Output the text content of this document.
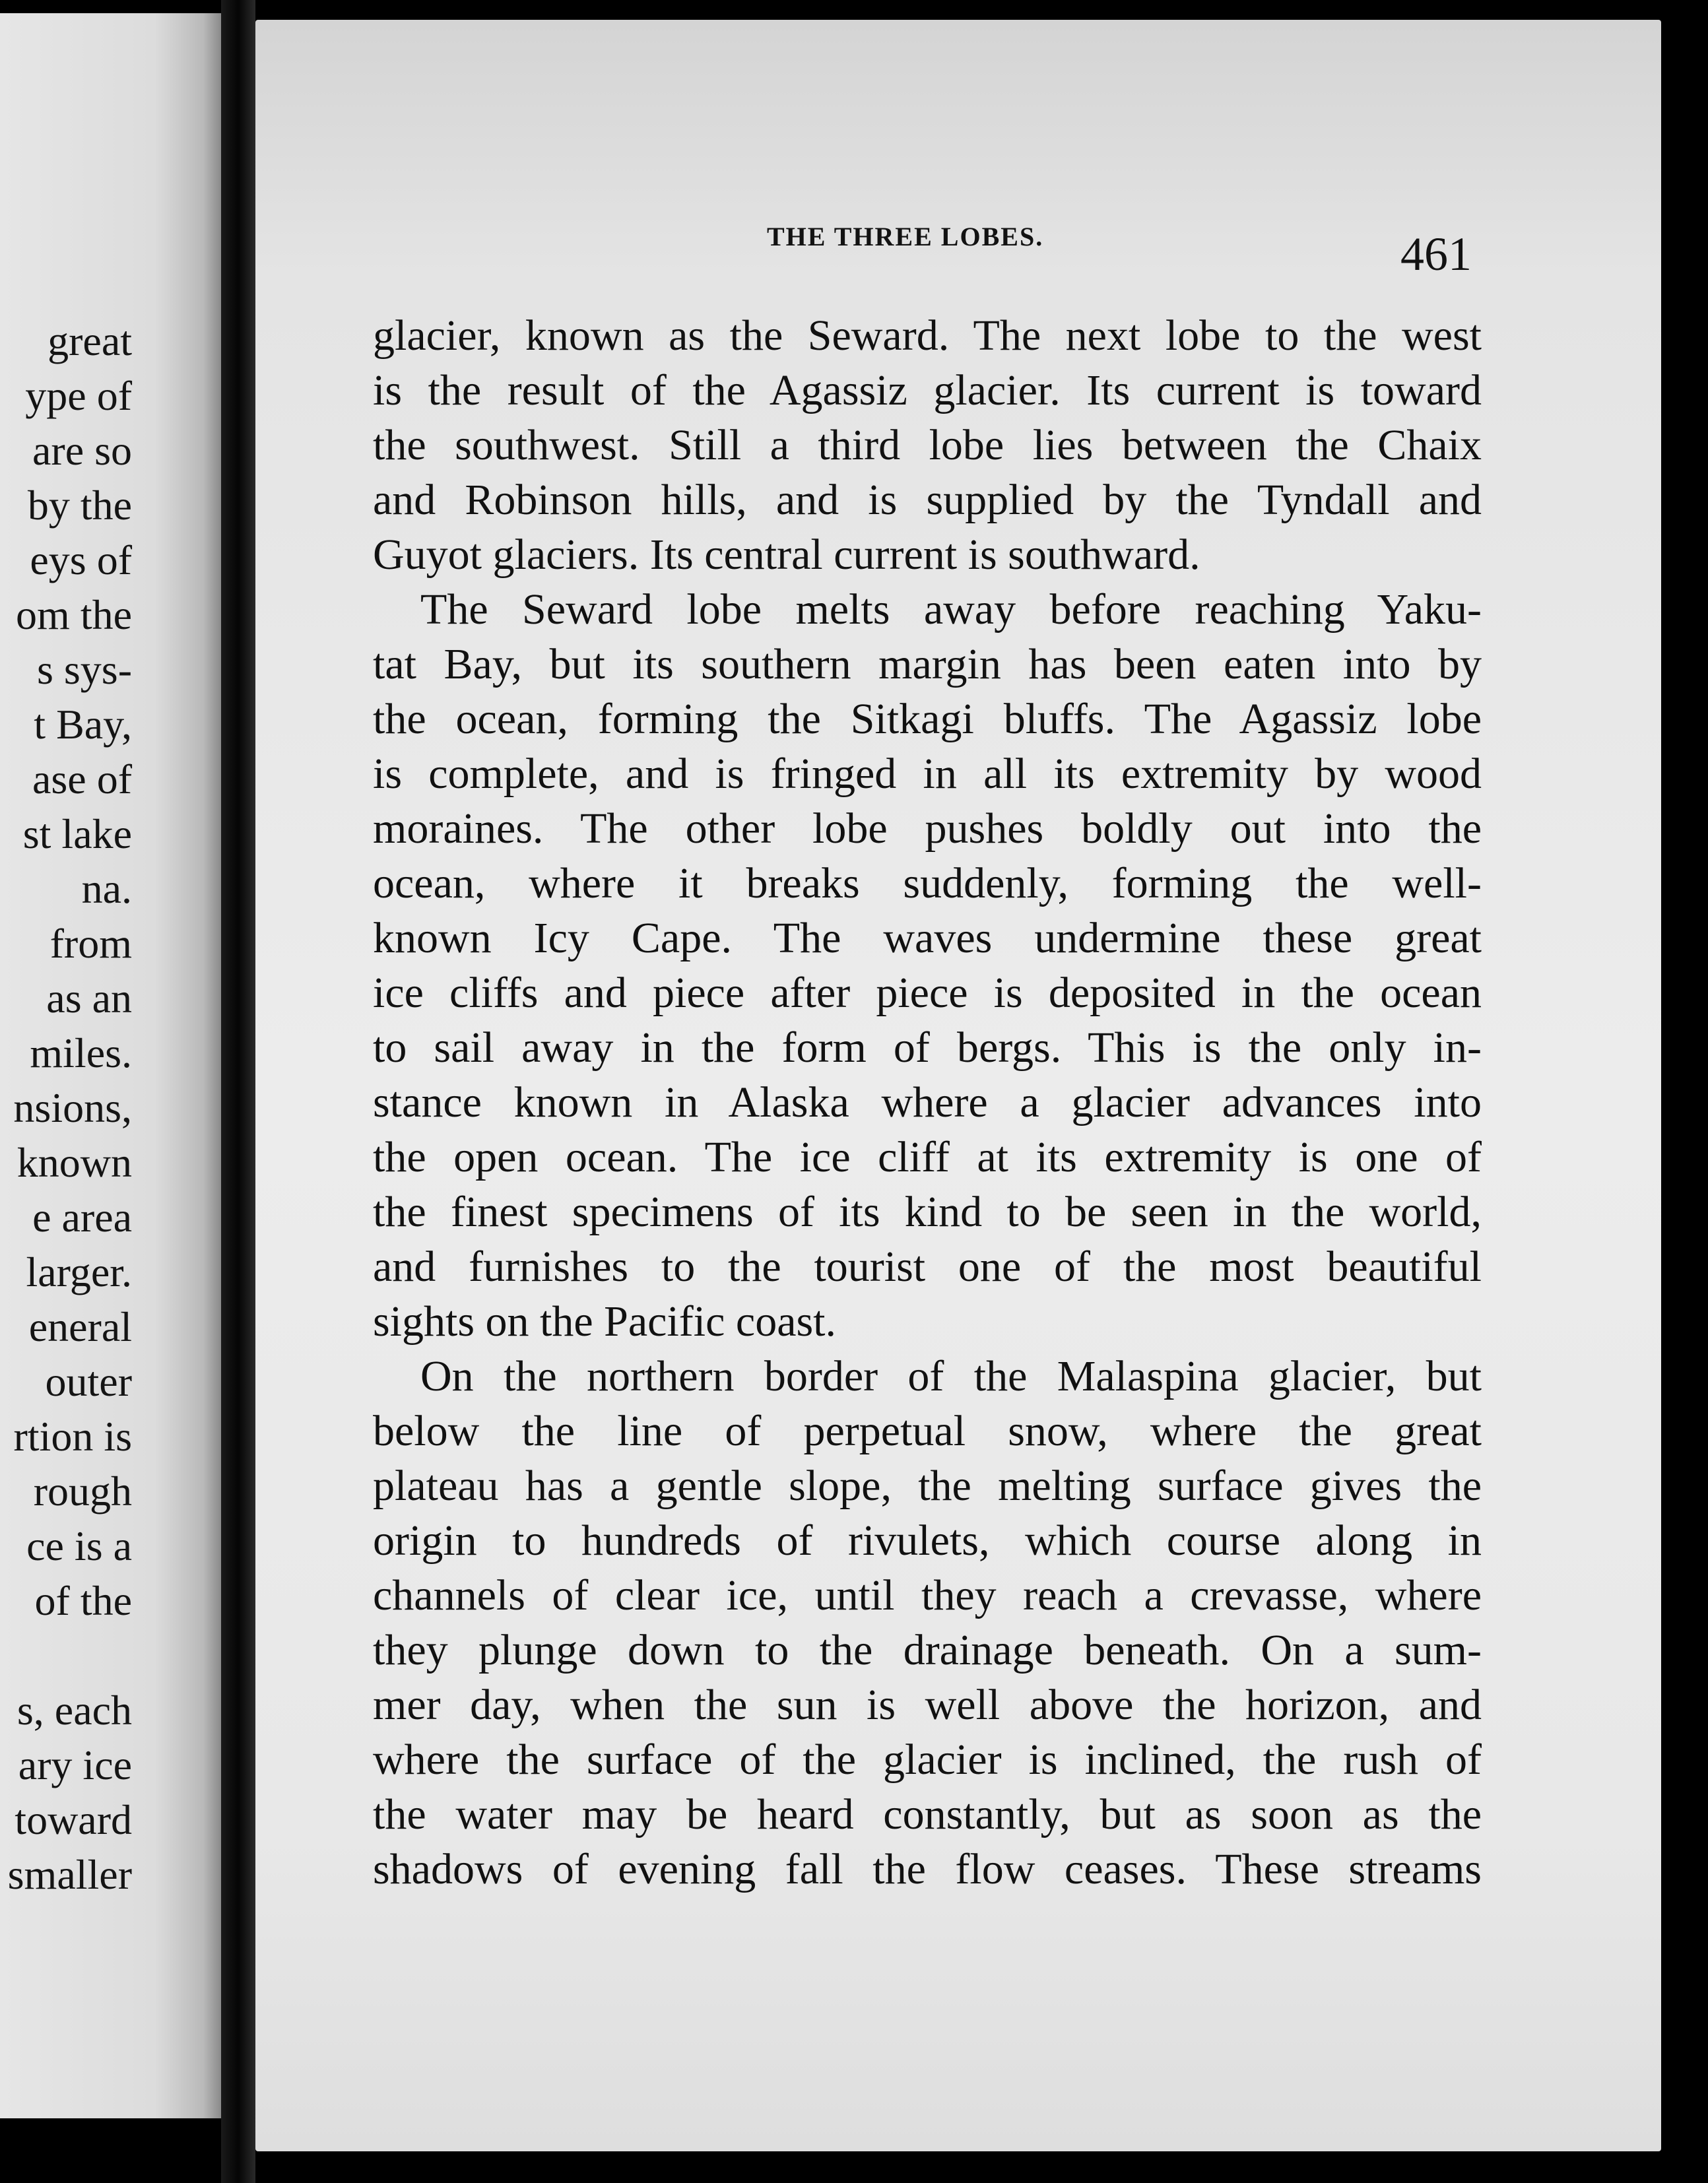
great
ype of
are so
by the
eys of
om the
s sys-
t Bay,
ase of
st lake
na.
from
as an
miles.
nsions,
known
e area
larger.
eneral
outer
rtion is
rough
ce is a
of the
s, each
ary ice
toward
smaller
THE THREE LOBES.	461
glacier, known as the Seward. The next lobe to the west
is the result of the Agassiz glacier. Its current is toward
the southwest. Still a third lobe lies between the Chaix
and Robinson hills, and is supplied by the Tyndall and
Guyot glaciers. Its central current is southward.
The Seward lobe melts away before reaching Yaku-
tat Bay, but its southern margin has been eaten into by
the ocean, forming the Sitkagi bluffs. The Agassiz lobe
is complete, and is fringed in all its extremity by wood
moraines. The other lobe pushes boldly out into the
ocean, where it breaks suddenly, forming the well-
known Icy Cape. The waves undermine these great
ice cliffs and piece after piece is deposited in the ocean
to sail away in the form of bergs. This is the only in-
stance known in Alaska where a glacier advances into
the open ocean. The ice cliff at its extremity is one of
the finest specimens of its kind to be seen in the world,
and furnishes to the tourist one of the most beautiful
sights on the Pacific coast.
On the northern border of the Malaspina glacier, but
below the line of perpetual snow, where the great
plateau has a gentle slope, the melting surface gives the
origin to hundreds of rivulets, which course along in
channels of clear ice, until they reach a crevasse, where
they plunge down to the drainage beneath. On a sum-
mer day, when the sun is well above the horizon, and
where the surface of the glacier is inclined, the rush of
the water may be heard constantly, but as soon as the
shadows of evening fall the flow ceases. These streams
